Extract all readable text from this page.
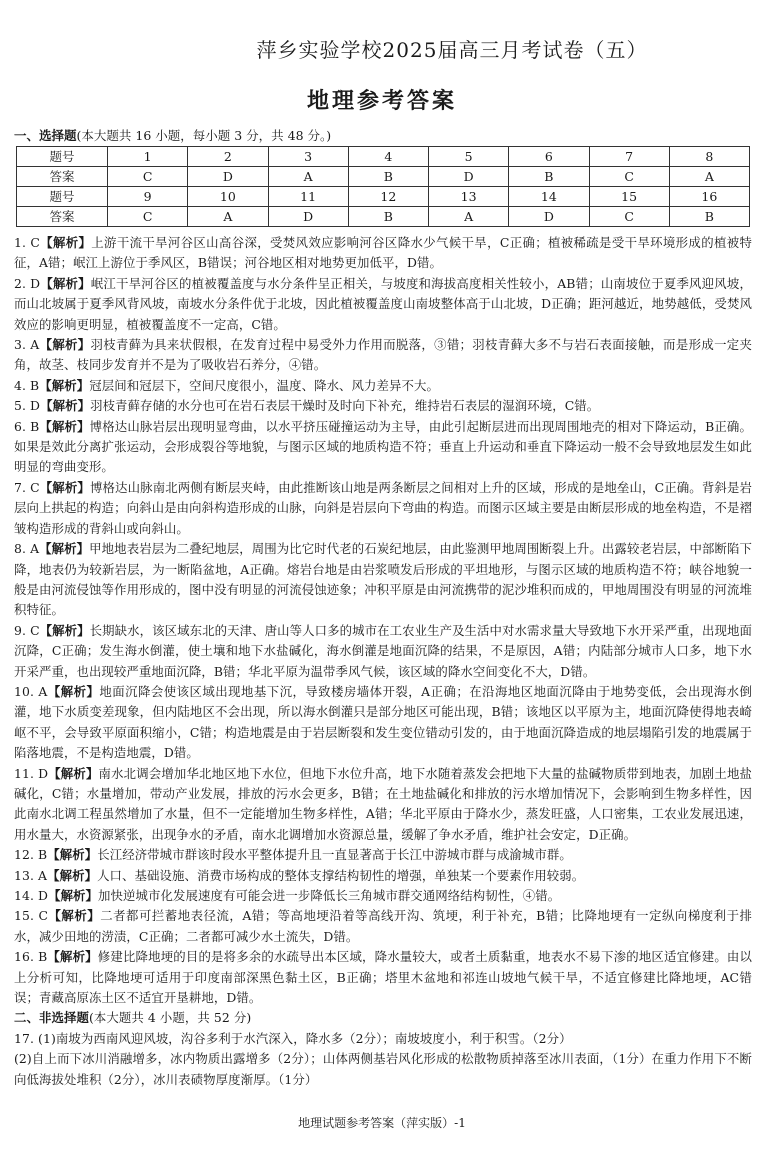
萍乡实验学校2025届高三月考试卷（五）
地理参考答案
一、选择题(本大题共 16 小题，每小题 3 分，共 48 分。)
题号	1	2	3	4	5	6	7	8
答案	C	D	A	B	D	B	C	A
题号	9	10	11	12	13	14	15	16
答案	C	A	D	B	A	D	C	B

1. C【解析】上游干流干旱河谷区山高谷深，受焚风效应影响河谷区降水少气候干旱，C正确；植被稀疏是受干旱环境形成的植被特征，A错；岷江上游位于季风区，B错误；河谷地区相对地势更加低平，D错。

2. D【解析】岷江干旱河谷区的植被覆盖度与水分条件呈正相关，与坡度和海拔高度相关性较小，AB错；山南坡位于夏季风迎风坡，而山北坡属于夏季风背风坡，南坡水分条件优于北坡，因此植被覆盖度山南坡整体高于山北坡，D正确；距河越近，地势越低，受焚风效应的影响更明显，植被覆盖度不一定高，C错。

3. A【解析】羽枝青藓为具来状假根，在发育过程中易受外力作用而脱落，③错；羽枝青藓大多不与岩石表面接触，而是形成一定夹角，故茎、枝同步发育并不是为了吸收岩石养分，④错。

4. B【解析】冠层间和冠层下，空间尺度很小，温度、降水、风力差异不大。

5. D【解析】羽枝青藓存储的水分也可在岩石表层干燥时及时向下补充，维持岩石表层的湿润环境，C错。

6. B【解析】博格达山脉岩层出现明显弯曲，以水平挤压碰撞运动为主导，由此引起断层进而出现周围地壳的相对下降运动，B正确。如果是效此分离扩张运动，会形成裂谷等地貌，与图示区域的地质构造不符；垂直上升运动和垂直下降运动一般不会导致地层发生如此明显的弯曲变形。

7. C【解析】博格达山脉南北两侧有断层夹峙，由此推断该山地是两条断层之间相对上升的区域，形成的是地垒山，C正确。背斜是岩层向上拱起的构造；向斜山是由向斜构造形成的山脉，向斜是岩层向下弯曲的构造。而图示区域主要是由断层形成的地垒构造，不是褶皱构造形成的背斜山或向斜山。

8. A【解析】甲地地表岩层为二叠纪地层，周围为比它时代老的石炭纪地层，由此鉴测甲地周围断裂上升。出露较老岩层，中部断陷下降，地表仍为较新岩层，为一断陷盆地，A正确。熔岩台地是由岩浆喷发后形成的平坦地形，与图示区域的地质构造不符；峡谷地貌一般是由河流侵蚀等作用形成的，图中没有明显的河流侵蚀迹象；冲积平原是由河流携带的泥沙堆积而成的，甲地周围没有明显的河流堆积特征。

9. C【解析】长期缺水，该区域东北的天津、唐山等人口多的城市在工农业生产及生活中对水需求量大导致地下水开采严重，出现地面沉降，C正确；发生海水倒灌，使土壤和地下水盐碱化，海水倒灌是地面沉降的结果，不是原因，A错；内陆部分城市人口多，地下水开采严重，也出现较严重地面沉降，B错；华北平原为温带季风气候，该区域的降水空间变化不大，D错。

10. A【解析】地面沉降会使该区域出现地基下沉，导致楼房墙体开裂，A正确；在沿海地区地面沉降由于地势变低，会出现海水倒灌，地下水质变差现象，但内陆地区不会出现，所以海水倒灌只是部分地区可能出现，B错；该地区以平原为主，地面沉降使得地表崎岖不平，会导致平原面积缩小，C错；构造地震是由于岩层断裂和发生变位错动引发的，由于地面沉降造成的地层塌陷引发的地震属于陷落地震，不是构造地震，D错。

11. D【解析】南水北调会增加华北地区地下水位，但地下水位升高，地下水随着蒸发会把地下大量的盐碱物质带到地表，加剧土地盐碱化，C错；水量增加，带动产业发展，排放的污水会更多，B错；在土地盐碱化和排放的污水增加情况下，会影响到生物多样性，因此南水北调工程虽然增加了水量，但不一定能增加生物多样性，A错；华北平原由于降水少，蒸发旺盛，人口密集，工农业发展迅速，用水量大，水资源紧张，出现争水的矛盾，南水北调增加水资源总量，缓解了争水矛盾，维护社会安定，D正确。

12. B【解析】长江经济带城市群该时段水平整体提升且一直显著高于长江中游城市群与成渝城市群。

13. A【解析】人口、基础设施、消费市场构成的整体支撑结构韧性的增强，单独某一个要素作用较弱。

14. D【解析】加快逆城市化发展速度有可能会进一步降低长三角城市群交通网络结构韧性，④错。

15. C【解析】二者都可拦蓄地表径流，A错；等高地埂沿着等高线开沟、筑埂，利于补充，B错；比降地埂有一定纵向梯度利于排水，减少田地的涝渍，C正确；二者都可减少水土流失，D错。

16. B【解析】修建比降地埂的目的是将多余的水疏导出本区域，降水量较大，或者土质黏重，地表水不易下渗的地区适宜修建。由以上分析可知，比降地埂可适用于印度南部深黑色黏土区，B正确；塔里木盆地和祁连山坡地气候干旱，不适宜修建比降地埂，AC错误；青藏高原冻土区不适宜开垦耕地，D错。

二、非选择题(本大题共 4 小题，共 52 分)

17. (1)南坡为西南风迎风坡，沟谷多利于水汽深入，降水多（2分）；南坡坡度小，利于积雪。（2分）

(2)自上而下冰川消融增多，冰内物质出露增多（2分）；山体两侧基岩风化形成的松散物质掉落至冰川表面，（1分）在重力作用下不断向低海拔处堆积（2分），冰川表碛物厚度渐厚。（1分）

地理试题参考答案（萍实版）-1
